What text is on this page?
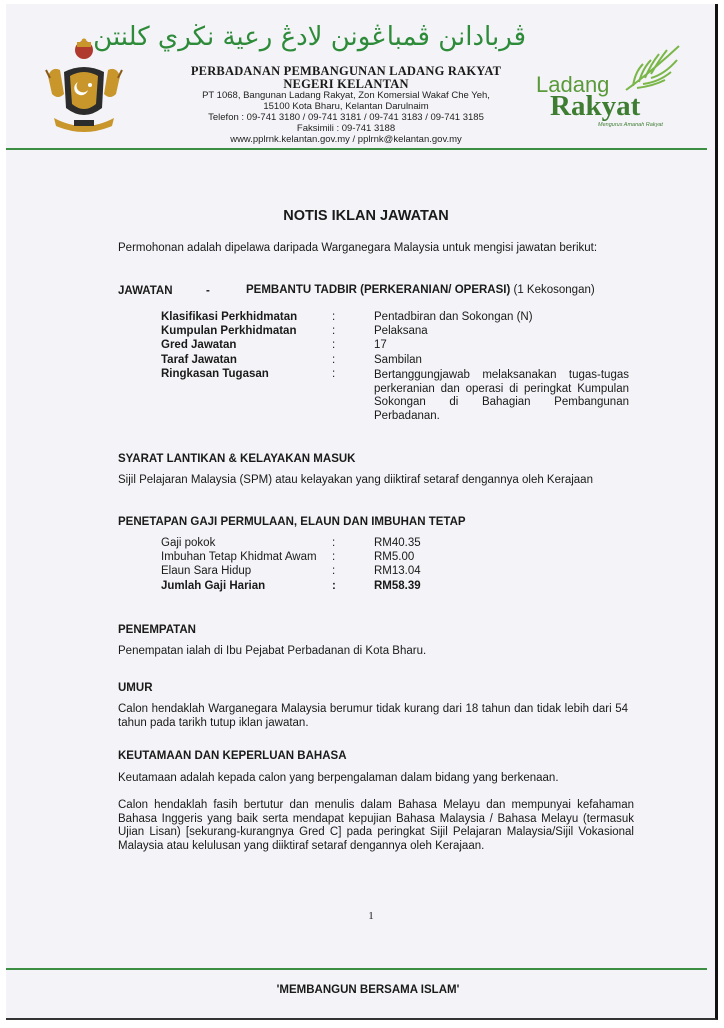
ڤربادانن ڤمباڠونن لادڠ رعية نڬري كلنتن
PERBADANAN PEMBANGUNAN LADANG RAKYAT
NEGERI KELANTAN
PT 1068, Bangunan Ladang Rakyat, Zon Komersial Wakaf Che Yeh,
15100 Kota Bharu, Kelantan Darulnaim
Telefon : 09-741 3180 / 09-741 3181 / 09-741 3183 / 09-741 3185
Faksimili : 09-741 3188
www.pplrnk.kelantan.gov.my / pplrnk@kelantan.gov.my
Ladang
Rakyat
Mengurus Amanah Rakyat
NOTIS IKLAN JAWATAN
Permohonan adalah dipelawa daripada Warganegara Malaysia untuk mengisi jawatan berikut:
JAWATAN	-	PEMBANTU TADBIR (PERKERANIAN/ OPERASI) (1 Kekosongan)
Klasifikasi Perkhidmatan	:	Pentadbiran dan Sokongan (N)
Kumpulan Perkhidmatan	:	Pelaksana
Gred Jawatan	:	17
Taraf Jawatan	:	Sambilan
Ringkasan Tugasan	:	Bertanggungjawab melaksanakan tugas-tugas perkeranian dan operasi di peringkat Kumpulan Sokongan di Bahagian Pembangunan Perbadanan.
SYARAT LANTIKAN & KELAYAKAN MASUK
Sijil Pelajaran Malaysia (SPM) atau kelayakan yang diiktiraf setaraf dengannya oleh Kerajaan
PENETAPAN GAJI PERMULAAN, ELAUN DAN IMBUHAN TETAP
Gaji pokok	:	RM40.35
Imbuhan Tetap Khidmat Awam :	RM5.00
Elaun Sara Hidup	:	RM13.04
Jumlah Gaji Harian	:	RM58.39
PENEMPATAN
Penempatan ialah di Ibu Pejabat Perbadanan di Kota Bharu.
UMUR
Calon hendaklah Warganegara Malaysia berumur tidak kurang dari 18 tahun dan tidak lebih dari 54 tahun pada tarikh tutup iklan jawatan.
KEUTAMAAN DAN KEPERLUAN BAHASA
Keutamaan adalah kepada calon yang berpengalaman dalam bidang yang berkenaan.
Calon hendaklah fasih bertutur dan menulis dalam Bahasa Melayu dan mempunyai kefahaman Bahasa Inggeris yang baik serta mendapat kepujian Bahasa Malaysia / Bahasa Melayu (termasuk Ujian Lisan) [sekurang-kurangnya Gred C] pada peringkat Sijil Pelajaran Malaysia/Sijil Vokasional Malaysia atau kelulusan yang diiktiraf setaraf dengannya oleh Kerajaan.
1
'MEMBANGUN BERSAMA ISLAM'
